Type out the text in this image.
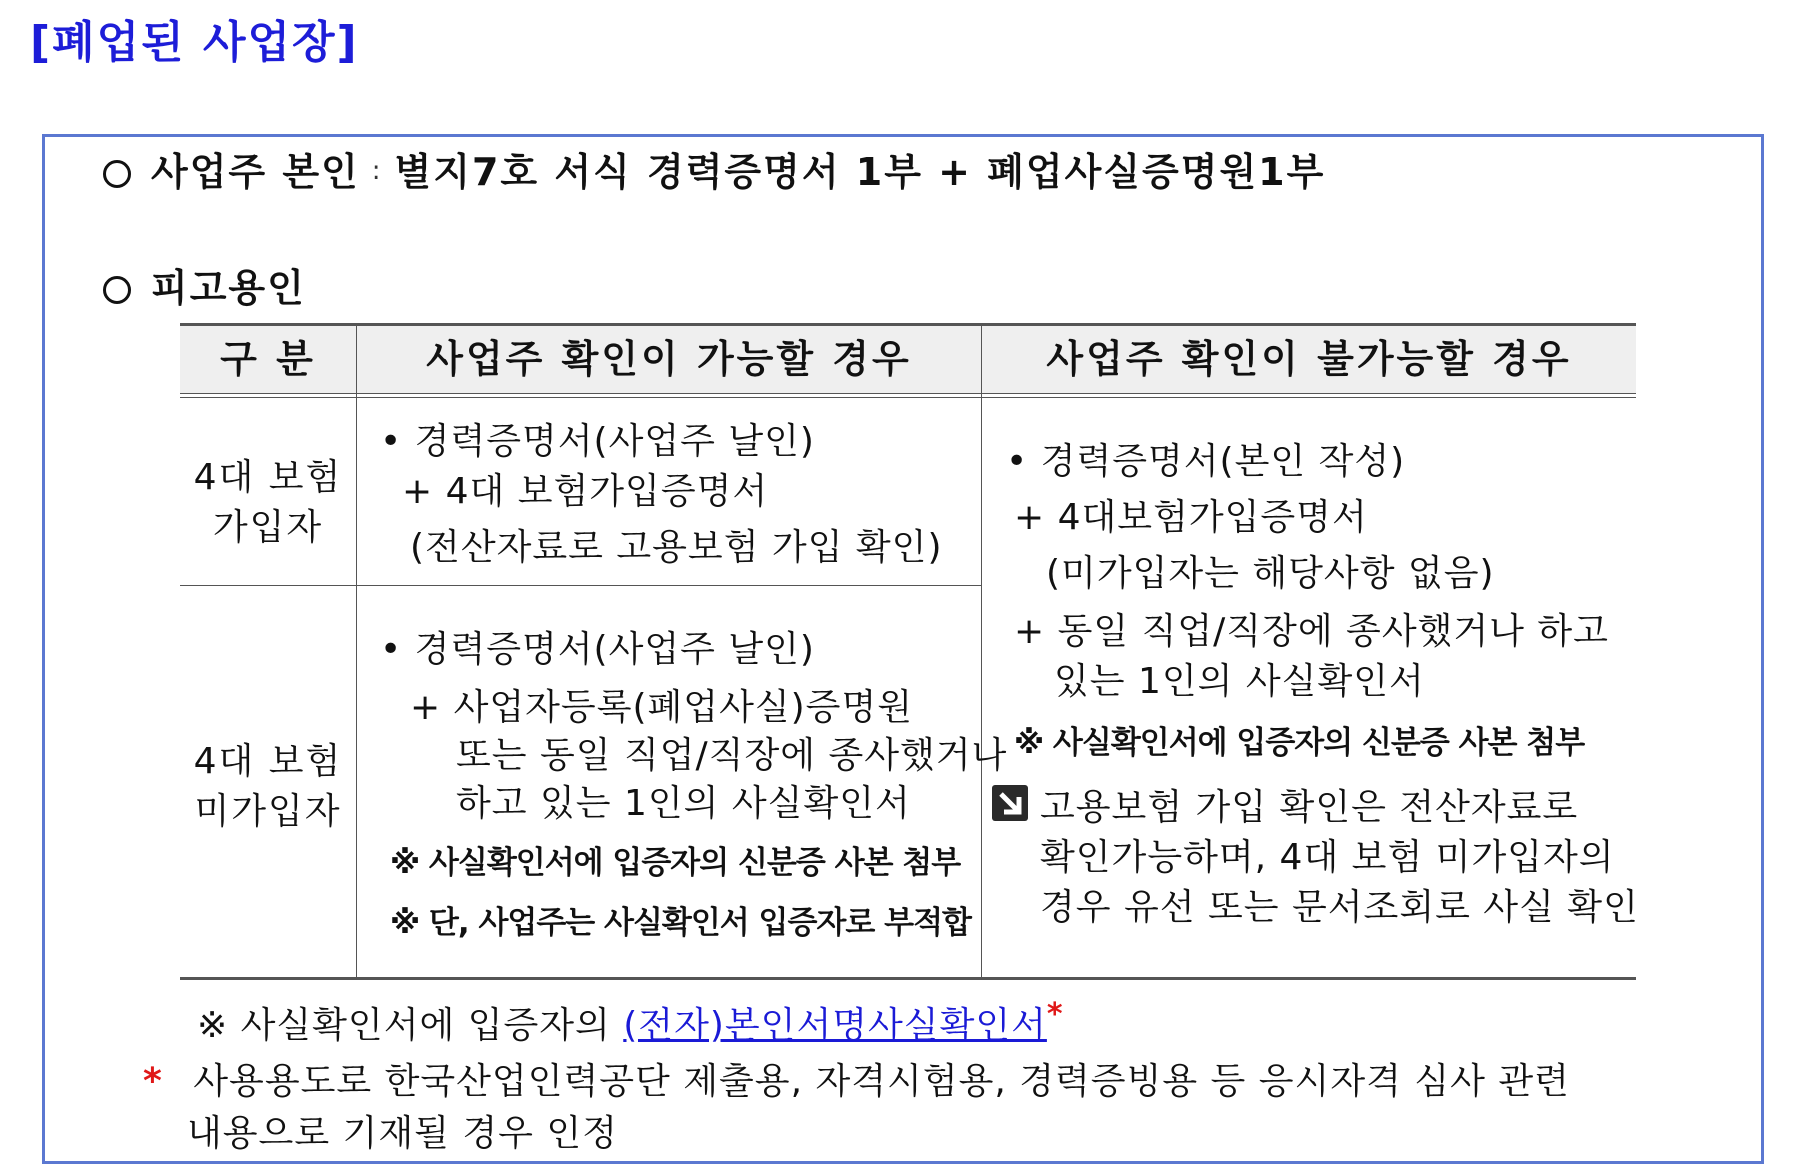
[폐업된 사업장]
사업주 본인 : 별지7호 서식 경력증명서 1부 + 폐업사실증명원1부
피고용인
구 분	사업주 확인이 가능할 경우	사업주 확인이 불가능할 경우
4대 보험
가입자
4대 보험
미가입자
• 경력증명서(사업주 날인)
+ 4대 보험가입증명서
(전산자료로 고용보험 가입 확인)
• 경력증명서(사업주 날인)
+ 사업자등록(폐업사실)증명원
또는 동일 직업/직장에 종사했거나
하고 있는 1인의 사실확인서
※ 사실확인서에 입증자의 신분증 사본 첨부
※ 단, 사업주는 사실확인서 입증자로 부적합
• 경력증명서(본인 작성)
+ 4대보험가입증명서
(미가입자는 해당사항 없음)
+ 동일 직업/직장에 종사했거나 하고
있는 1인의 사실확인서
※ 사실확인서에 입증자의 신분증 사본 첨부
고용보험 가입 확인은 전산자료로
확인가능하며, 4대 보험 미가입자의
경우 유선 또는 문서조회로 사실 확인
※ 사실확인서에 입증자의 (전자)본인서명사실확인서*
* 사용용도로 한국산업인력공단 제출용, 자격시험용, 경력증빙용 등 응시자격 심사 관련
내용으로 기재될 경우 인정
